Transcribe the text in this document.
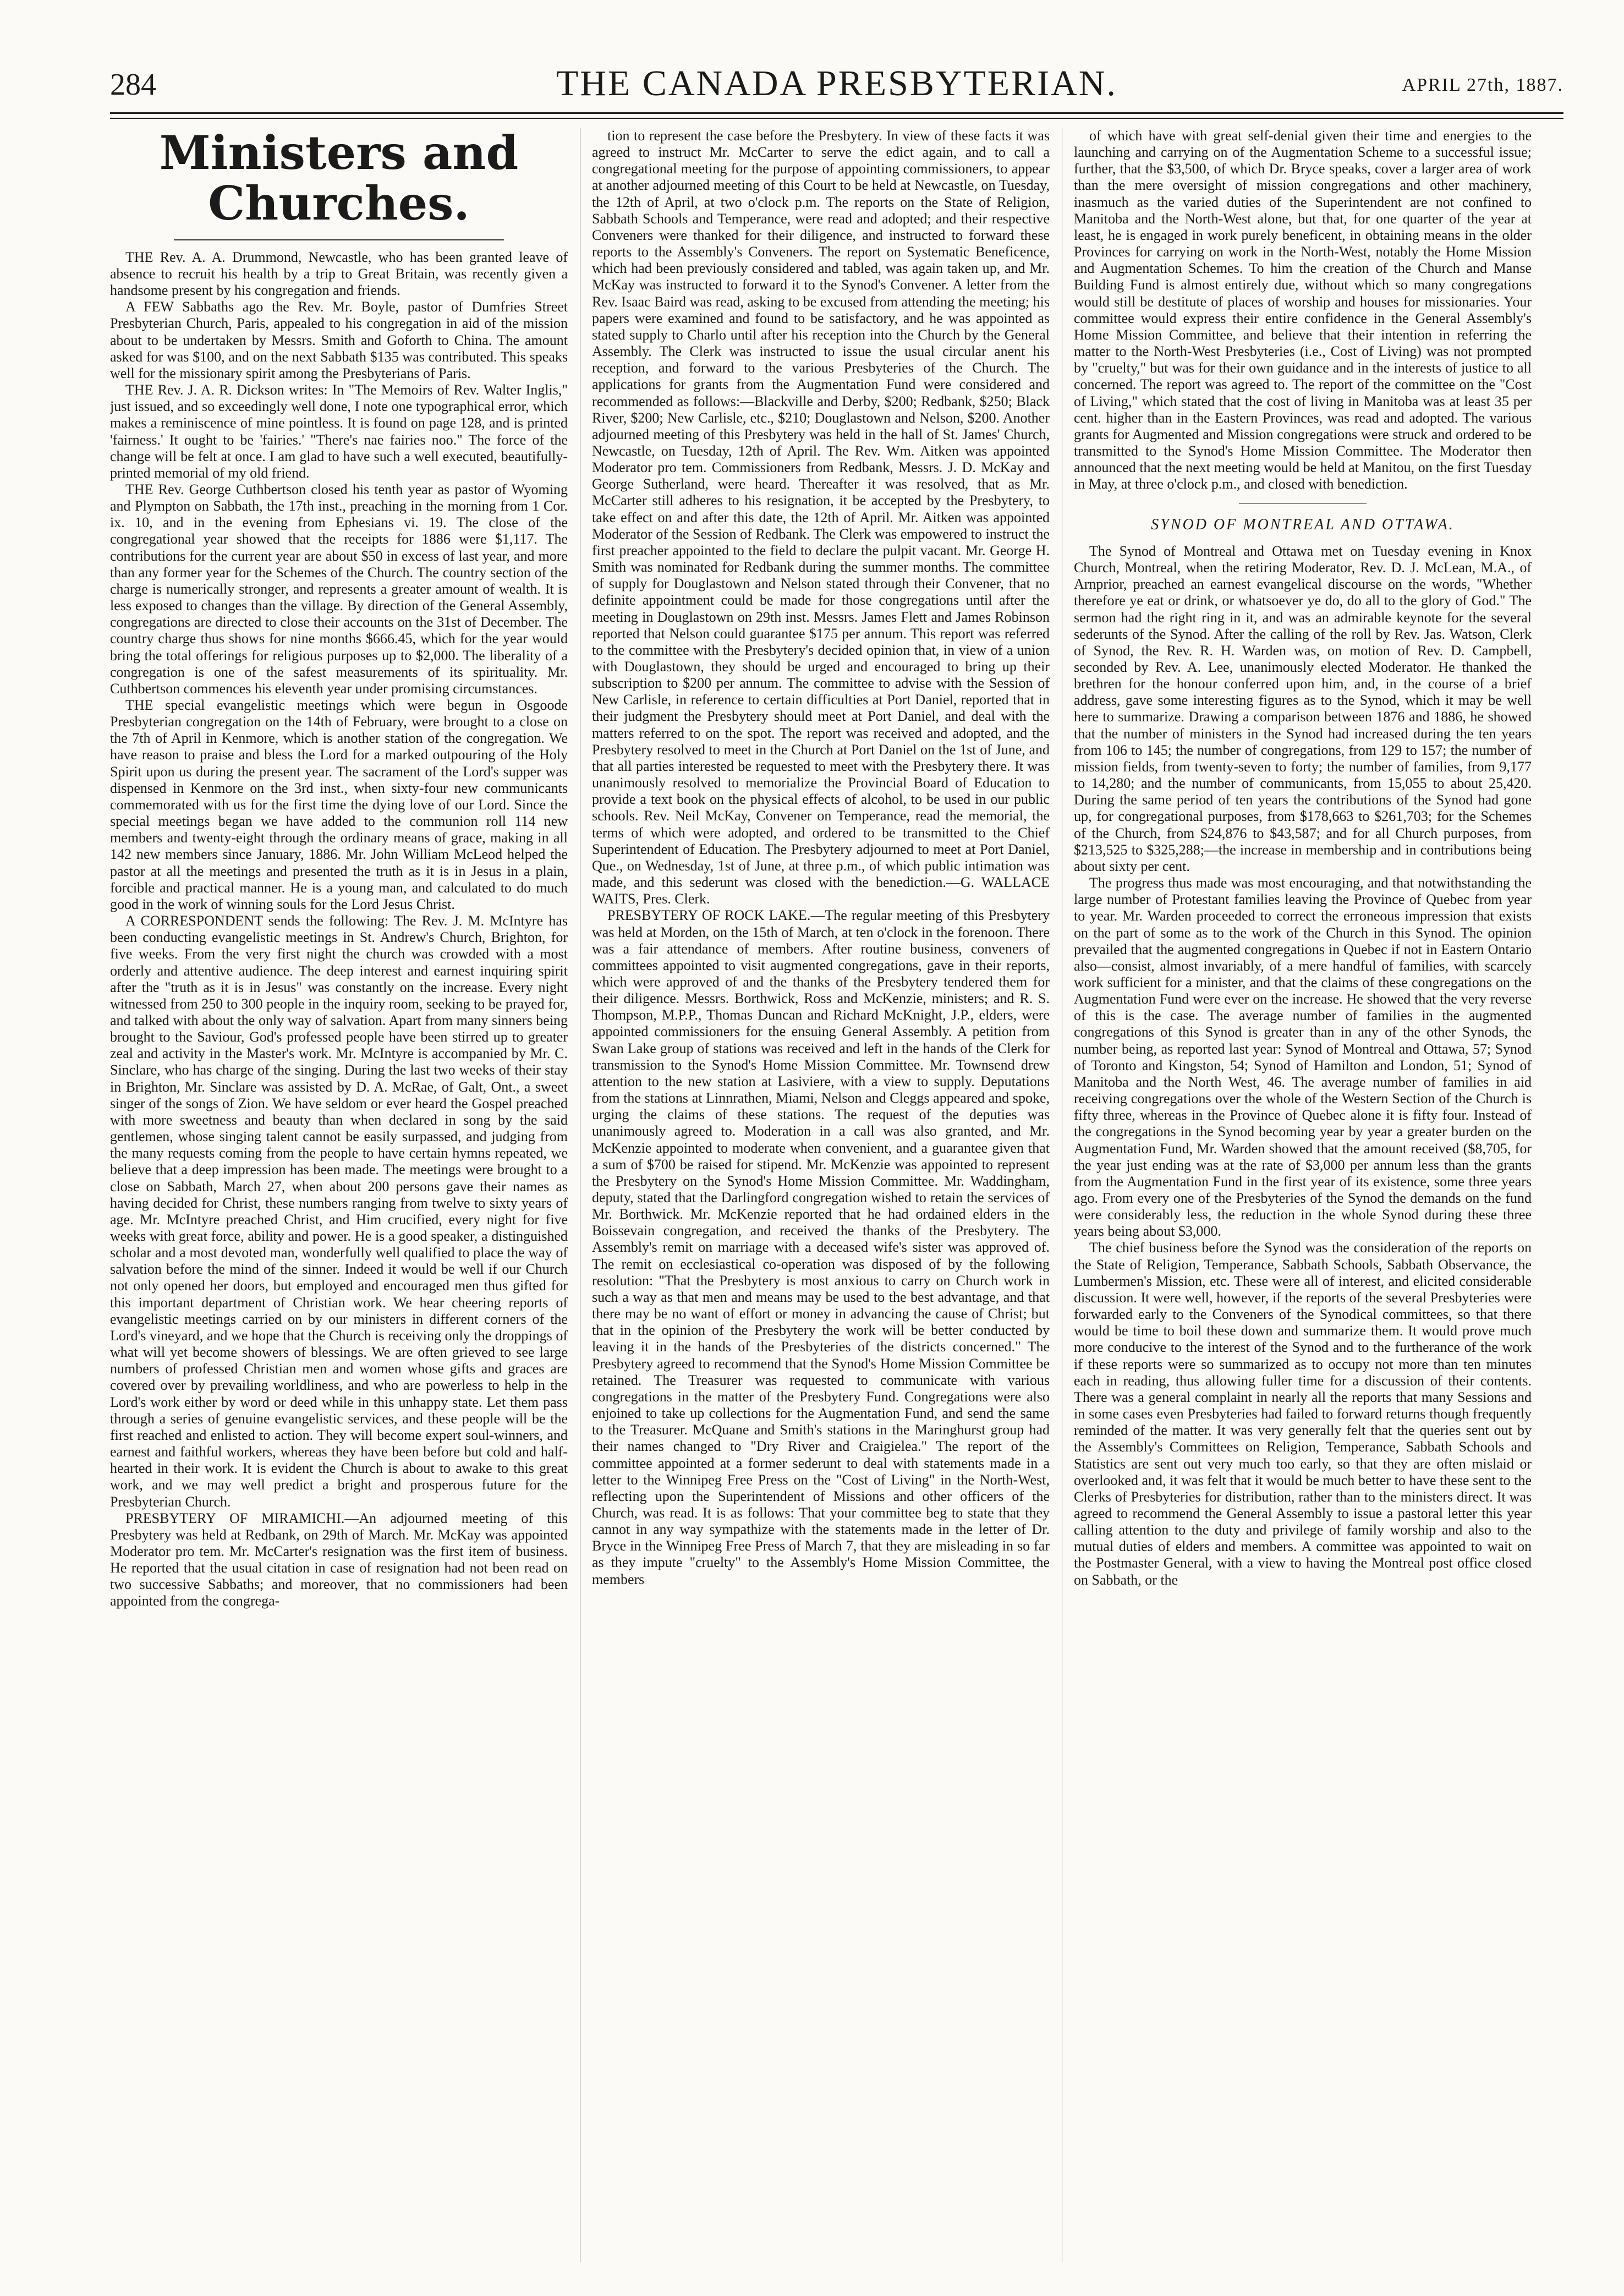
284	THE CANADA PRESBYTERIAN.	APRIL 27th, 1887.
Ministers and Churches.

THE Rev. A. A. Drummond, Newcastle, who has been granted leave of absence to recruit his health by a trip to Great Britain, was recently given a handsome present by his congregation and friends.

A FEW Sabbaths ago the Rev. Mr. Boyle, pastor of Dumfries Street Presbyterian Church, Paris, appealed to his congregation in aid of the mission about to be undertaken by Messrs. Smith and Goforth to China. The amount asked for was $100, and on the next Sabbath $135 was contributed. This speaks well for the missionary spirit among the Presbyterians of Paris.

THE Rev. J. A. R. Dickson writes: In "The Memoirs of Rev. Walter Inglis," just issued, and so exceedingly well done, I note one typographical error, which makes a reminiscence of mine pointless. It is found on page 128, and is printed 'fairness.' It ought to be 'fairies.' "There's nae fairies noo." The force of the change will be felt at once. I am glad to have such a well executed, beautifully-printed memorial of my old friend.

THE Rev. George Cuthbertson closed his tenth year as pastor of Wyoming and Plympton on Sabbath, the 17th inst., preaching in the morning from 1 Cor. ix. 10, and in the evening from Ephesians vi. 19. The close of the congregational year showed that the receipts for 1886 were $1,117. The contributions for the current year are about $50 in excess of last year, and more than any former year for the Schemes of the Church. The country section of the charge is numerically stronger, and represents a greater amount of wealth. It is less exposed to changes than the village. By direction of the General Assembly, congregations are directed to close their accounts on the 31st of December. The country charge thus shows for nine months $666.45, which for the year would bring the total offerings for religious purposes up to $2,000. The liberality of a congregation is one of the safest measurements of its spirituality. Mr. Cuthbertson commences his eleventh year under promising circumstances.

THE special evangelistic meetings which were begun in Osgoode Presbyterian congregation on the 14th of February, were brought to a close on the 7th of April in Kenmore, which is another station of the congregation. We have reason to praise and bless the Lord for a marked outpouring of the Holy Spirit upon us during the present year. The sacrament of the Lord's supper was dispensed in Kenmore on the 3rd inst., when sixty-four new communicants commemorated with us for the first time the dying love of our Lord. Since the special meetings began we have added to the communion roll 114 new members and twenty-eight through the ordinary means of grace, making in all 142 new members since January, 1886. Mr. John William McLeod helped the pastor at all the meetings and presented the truth as it is in Jesus in a plain, forcible and practical manner. He is a young man, and calculated to do much good in the work of winning souls for the Lord Jesus Christ.

A CORRESPONDENT sends the following: The Rev. J. M. McIntyre has been conducting evangelistic meetings in St. Andrew's Church, Brighton, for five weeks. From the very first night the church was crowded with a most orderly and attentive audience. The deep interest and earnest inquiring spirit after the "truth as it is in Jesus" was constantly on the increase. Every night witnessed from 250 to 300 people in the inquiry room, seeking to be prayed for, and talked with about the only way of salvation. Apart from many sinners being brought to the Saviour, God's professed people have been stirred up to greater zeal and activity in the Master's work. Mr. McIntyre is accompanied by Mr. C. Sinclare, who has charge of the singing. During the last two weeks of their stay in Brighton, Mr. Sinclare was assisted by D. A. McRae, of Galt, Ont., a sweet singer of the songs of Zion. We have seldom or ever heard the Gospel preached with more sweetness and beauty than when declared in song by the said gentlemen, whose singing talent cannot be easily surpassed, and judging from the many requests coming from the people to have certain hymns repeated, we believe that a deep impression has been made. The meetings were brought to a close on Sabbath, March 27, when about 200 persons gave their names as having decided for Christ, these numbers ranging from twelve to sixty years of age. Mr. McIntyre preached Christ, and Him crucified, every night for five weeks with great force, ability and power. He is a good speaker, a distinguished scholar and a most devoted man, wonderfully well qualified to place the way of salvation before the mind of the sinner. Indeed it would be well if our Church not only opened her doors, but employed and encouraged men thus gifted for this important department of Christian work. We hear cheering reports of evangelistic meetings carried on by our ministers in different corners of the Lord's vineyard, and we hope that the Church is receiving only the droppings of what will yet become showers of blessings. We are often grieved to see large numbers of professed Christian men and women whose gifts and graces are covered over by prevailing worldliness, and who are powerless to help in the Lord's work either by word or deed while in this unhappy state. Let them pass through a series of genuine evangelistic services, and these people will be the first reached and enlisted to action. They will become expert soul-winners, and earnest and faithful workers, whereas they have been before but cold and half-hearted in their work. It is evident the Church is about to awake to this great work, and we may well predict a bright and prosperous future for the Presbyterian Church.

PRESBYTERY OF MIRAMICHI.—An adjourned meeting of this Presbytery was held at Redbank, on 29th of March. Mr. McKay was appointed Moderator pro tem. Mr. McCarter's resignation was the first item of business. He reported that the usual citation in case of resignation had not been read on two successive Sabbaths; and moreover, that no commissioners had been appointed from the congrega-

tion to represent the case before the Presbytery. In view of these facts it was agreed to instruct Mr. McCarter to serve the edict again, and to call a congregational meeting for the purpose of appointing commissioners, to appear at another adjourned meeting of this Court to be held at Newcastle, on Tuesday, the 12th of April, at two o'clock p.m. The reports on the State of Religion, Sabbath Schools and Temperance, were read and adopted; and their respective Conveners were thanked for their diligence, and instructed to forward these reports to the Assembly's Conveners. The report on Systematic Beneficence, which had been previously considered and tabled, was again taken up, and Mr. McKay was instructed to forward it to the Synod's Convener. A letter from the Rev. Isaac Baird was read, asking to be excused from attending the meeting; his papers were examined and found to be satisfactory, and he was appointed as stated supply to Charlo until after his reception into the Church by the General Assembly. The Clerk was instructed to issue the usual circular anent his reception, and forward to the various Presbyteries of the Church. The applications for grants from the Augmentation Fund were considered and recommended as follows:—Blackville and Derby, $200; Redbank, $250; Black River, $200; New Carlisle, etc., $210; Douglastown and Nelson, $200. Another adjourned meeting of this Presbytery was held in the hall of St. James' Church, Newcastle, on Tuesday, 12th of April. The Rev. Wm. Aitken was appointed Moderator pro tem. Commissioners from Redbank, Messrs. J. D. McKay and George Sutherland, were heard. Thereafter it was resolved, that as Mr. McCarter still adheres to his resignation, it be accepted by the Presbytery, to take effect on and after this date, the 12th of April. Mr. Aitken was appointed Moderator of the Session of Redbank. The Clerk was empowered to instruct the first preacher appointed to the field to declare the pulpit vacant. Mr. George H. Smith was nominated for Redbank during the summer months. The committee of supply for Douglastown and Nelson stated through their Convener, that no definite appointment could be made for those congregations until after the meeting in Douglastown on 29th inst. Messrs. James Flett and James Robinson reported that Nelson could guarantee $175 per annum. This report was referred to the committee with the Presbytery's decided opinion that, in view of a union with Douglastown, they should be urged and encouraged to bring up their subscription to $200 per annum. The committee to advise with the Session of New Carlisle, in reference to certain difficulties at Port Daniel, reported that in their judgment the Presbytery should meet at Port Daniel, and deal with the matters referred to on the spot. The report was received and adopted, and the Presbytery resolved to meet in the Church at Port Daniel on the 1st of June, and that all parties interested be requested to meet with the Presbytery there. It was unanimously resolved to memorialize the Provincial Board of Education to provide a text book on the physical effects of alcohol, to be used in our public schools. Rev. Neil McKay, Convener on Temperance, read the memorial, the terms of which were adopted, and ordered to be transmitted to the Chief Superintendent of Education. The Presbytery adjourned to meet at Port Daniel, Que., on Wednesday, 1st of June, at three p.m., of which public intimation was made, and this sederunt was closed with the benediction.—G. WALLACE WAITS, Pres. Clerk.

PRESBYTERY OF ROCK LAKE.—The regular meeting of this Presbytery was held at Morden, on the 15th of March, at ten o'clock in the forenoon. There was a fair attendance of members. After routine business, conveners of committees appointed to visit augmented congregations, gave in their reports, which were approved of and the thanks of the Presbytery tendered them for their diligence. Messrs. Borthwick, Ross and McKenzie, ministers; and R. S. Thompson, M.P.P., Thomas Duncan and Richard McKnight, J.P., elders, were appointed commissioners for the ensuing General Assembly. A petition from Swan Lake group of stations was received and left in the hands of the Clerk for transmission to the Synod's Home Mission Committee. Mr. Townsend drew attention to the new station at Lasiviere, with a view to supply. Deputations from the stations at Linnrathen, Miami, Nelson and Cleggs appeared and spoke, urging the claims of these stations. The request of the deputies was unanimously agreed to. Moderation in a call was also granted, and Mr. McKenzie appointed to moderate when convenient, and a guarantee given that a sum of $700 be raised for stipend. Mr. McKenzie was appointed to represent the Presbytery on the Synod's Home Mission Committee. Mr. Waddingham, deputy, stated that the Darlingford congregation wished to retain the services of Mr. Borthwick. Mr. McKenzie reported that he had ordained elders in the Boissevain congregation, and received the thanks of the Presbytery. The Assembly's remit on marriage with a deceased wife's sister was approved of. The remit on ecclesiastical co-operation was disposed of by the following resolution: "That the Presbytery is most anxious to carry on Church work in such a way as that men and means may be used to the best advantage, and that there may be no want of effort or money in advancing the cause of Christ; but that in the opinion of the Presbytery the work will be better conducted by leaving it in the hands of the Presbyteries of the districts concerned." The Presbytery agreed to recommend that the Synod's Home Mission Committee be retained. The Treasurer was requested to communicate with various congregations in the matter of the Presbytery Fund. Congregations were also enjoined to take up collections for the Augmentation Fund, and send the same to the Treasurer. McQuane and Smith's stations in the Maringhurst group had their names changed to "Dry River and Craigielea." The report of the committee appointed at a former sederunt to deal with statements made in a letter to the Winnipeg Free Press on the "Cost of Living" in the North-West, reflecting upon the Superintendent of Missions and other officers of the Church, was read. It is as follows: That your committee beg to state that they cannot in any way sympathize with the statements made in the letter of Dr. Bryce in the Winnipeg Free Press of March 7, that they are misleading in so far as they impute "cruelty" to the Assembly's Home Mission Committee, the members

of which have with great self-denial given their time and energies to the launching and carrying on of the Augmentation Scheme to a successful issue; further, that the $3,500, of which Dr. Bryce speaks, cover a larger area of work than the mere oversight of mission congregations and other machinery, inasmuch as the varied duties of the Superintendent are not confined to Manitoba and the North-West alone, but that, for one quarter of the year at least, he is engaged in work purely beneficent, in obtaining means in the older Provinces for carrying on work in the North-West, notably the Home Mission and Augmentation Schemes. To him the creation of the Church and Manse Building Fund is almost entirely due, without which so many congregations would still be destitute of places of worship and houses for missionaries. Your committee would express their entire confidence in the General Assembly's Home Mission Committee, and believe that their intention in referring the matter to the North-West Presbyteries (i.e., Cost of Living) was not prompted by "cruelty," but was for their own guidance and in the interests of justice to all concerned. The report was agreed to. The report of the committee on the "Cost of Living," which stated that the cost of living in Manitoba was at least 35 per cent. higher than in the Eastern Provinces, was read and adopted. The various grants for Augmented and Mission congregations were struck and ordered to be transmitted to the Synod's Home Mission Committee. The Moderator then announced that the next meeting would be held at Manitou, on the first Tuesday in May, at three o'clock p.m., and closed with benediction.

SYNOD OF MONTREAL AND OTTAWA.

The Synod of Montreal and Ottawa met on Tuesday evening in Knox Church, Montreal, when the retiring Moderator, Rev. D. J. McLean, M.A., of Arnprior, preached an earnest evangelical discourse on the words, "Whether therefore ye eat or drink, or whatsoever ye do, do all to the glory of God." The sermon had the right ring in it, and was an admirable keynote for the several sederunts of the Synod. After the calling of the roll by Rev. Jas. Watson, Clerk of Synod, the Rev. R. H. Warden was, on motion of Rev. D. Campbell, seconded by Rev. A. Lee, unanimously elected Moderator. He thanked the brethren for the honour conferred upon him, and, in the course of a brief address, gave some interesting figures as to the Synod, which it may be well here to summarize. Drawing a comparison between 1876 and 1886, he showed that the number of ministers in the Synod had increased during the ten years from 106 to 145; the number of congregations, from 129 to 157; the number of mission fields, from twenty-seven to forty; the number of families, from 9,177 to 14,280; and the number of communicants, from 15,055 to about 25,420. During the same period of ten years the contributions of the Synod had gone up, for congregational purposes, from $178,663 to $261,703; for the Schemes of the Church, from $24,876 to $43,587; and for all Church purposes, from $213,525 to $325,288;—the increase in membership and in contributions being about sixty per cent.

The progress thus made was most encouraging, and that notwithstanding the large number of Protestant families leaving the Province of Quebec from year to year. Mr. Warden proceeded to correct the erroneous impression that exists on the part of some as to the work of the Church in this Synod. The opinion prevailed that the augmented congregations in Quebec if not in Eastern Ontario also—consist, almost invariably, of a mere handful of families, with scarcely work sufficient for a minister, and that the claims of these congregations on the Augmentation Fund were ever on the increase. He showed that the very reverse of this is the case. The average number of families in the augmented congregations of this Synod is greater than in any of the other Synods, the number being, as reported last year: Synod of Montreal and Ottawa, 57; Synod of Toronto and Kingston, 54; Synod of Hamilton and London, 51; Synod of Manitoba and the North West, 46. The average number of families in aid receiving congregations over the whole of the Western Section of the Church is fifty three, whereas in the Province of Quebec alone it is fifty four. Instead of the congregations in the Synod becoming year by year a greater burden on the Augmentation Fund, Mr. Warden showed that the amount received ($8,705, for the year just ending was at the rate of $3,000 per annum less than the grants from the Augmentation Fund in the first year of its existence, some three years ago. From every one of the Presbyteries of the Synod the demands on the fund were considerably less, the reduction in the whole Synod during these three years being about $3,000.

The chief business before the Synod was the consideration of the reports on the State of Religion, Temperance, Sabbath Schools, Sabbath Observance, the Lumbermen's Mission, etc. These were all of interest, and elicited considerable discussion. It were well, however, if the reports of the several Presbyteries were forwarded early to the Conveners of the Synodical committees, so that there would be time to boil these down and summarize them. It would prove much more conducive to the interest of the Synod and to the furtherance of the work if these reports were so summarized as to occupy not more than ten minutes each in reading, thus allowing fuller time for a discussion of their contents. There was a general complaint in nearly all the reports that many Sessions and in some cases even Presbyteries had failed to forward returns though frequently reminded of the matter. It was very generally felt that the queries sent out by the Assembly's Committees on Religion, Temperance, Sabbath Schools and Statistics are sent out very much too early, so that they are often mislaid or overlooked and, it was felt that it would be much better to have these sent to the Clerks of Presbyteries for distribution, rather than to the ministers direct. It was agreed to recommend the General Assembly to issue a pastoral letter this year calling attention to the duty and privilege of family worship and also to the mutual duties of elders and members. A committee was appointed to wait on the Postmaster General, with a view to having the Montreal post office closed on Sabbath, or the
